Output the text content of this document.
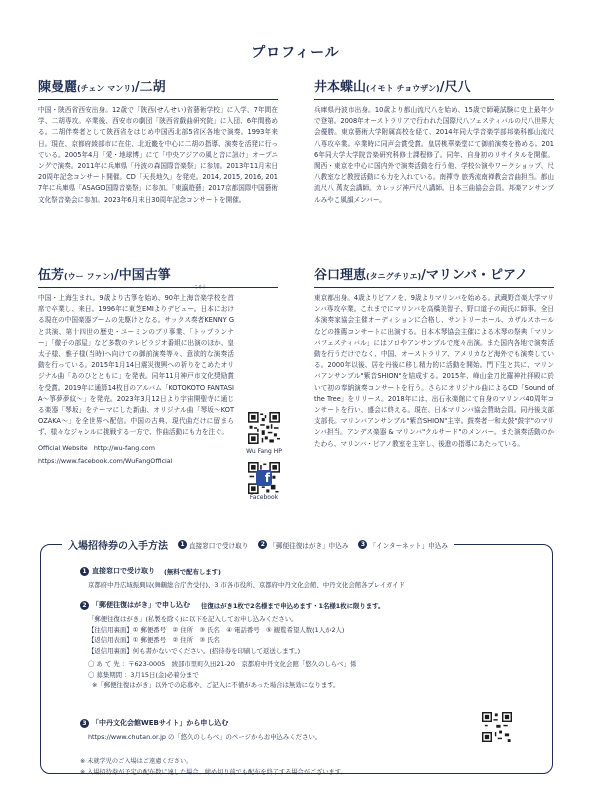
プロフィール
陳曼麗(チェン マンリ)/二胡
中国・陝西省西安出身。12歳で「陝西(せんせい)省藝術学校」に入学、7年間在学、二胡専攻。卒業後、西安市の劇団「陝西省戯曲研究院」に入団、6年間務める。二胡伴奏者として陝西省をはじめ中国西北部5省区各地で演奏。1993年来日。現在、京都府綾部市に在住、北近畿を中心に二胡の指導、演奏を活発に行っている。2005年4月「愛・地球博」にて「中央アジアの風と音に訊け」オープニングで演奏。2011年に兵庫県「丹波の森国際音楽祭」に参加。2013年11月末日20周年記念コンサート開催。CD「天長地久」を発売。2014, 2015, 2016, 2017年に兵庫県「ASAGO国際音楽祭」に参加。「東瀛遊藝」2017京都国際中国藝術文化祭音楽会に参加。2023年6月末日30周年記念コンサートを開催。
井本蝶山(イモト チョウザン)/尺八
兵庫県丹波市出身。10歳より都山流尺八を始め、15歳で師範試験に史上最年少で登第。2008年オーストラリアで行われた国際尺八フェスティバルの尺八世界大会優勝。東京藝術大学附属高校を経て、2014年同大学音楽学部邦楽科都山流尺八専攻卒業。卒業時に同声会賞受賞。皇居桃華楽堂にて御前演奏を務める。2016年同大学大学院音楽研究科修士課程修了。同年、自身初のリサイタルを開催。関西・東京を中心に国内外で演奏活動を行う他、学校公演やワークショップ、尺八教室など教授活動にも力を入れている。南禪寺 旅秀流南禅教会音曲担当。都山流尺八 萬友会講師。カレッジ神戸尺八講師。日本三曲協会会員。邦楽アンサンブルみやこ風韻メンバー。
伍芳(ウー ファン)/中国古箏
こそう
中国・上海生まれ。9歳より古箏を始め、90年上海音楽学校を首席で卒業し、来日。1996年に東芝EMIよりデビュー。日本における現在の中国楽器ブームの先駆けとなる。サックス奏者KENNY Gと共演、第十四世の歴史・ユーミンのブリ事業、「トップランナー」「徹子の部屋」など多数のテレビラジオ番組に出演のほか、皇太子様、雅子様(当時)へ向けての御前演奏等々、意欲的な演奏活動を行っている。2015年1月14日震災復興への祈りをこめたオリジナル曲「あのひとともに」を発表。同年11月神戸市文化奨励賞を受賞。2019年に通算14枚目のアルバム「KOTOKOTO FANTASIA〜箏夢夢紋〜」を発売。2023年3月12日より宇宙開聖寺に通じる楽器「琴坂」をテーマにした新曲、オリジナル曲「琴坂〜KOTOZAKA〜」を全世界へ配信。中国の古典、現代曲だけに留まらず、様々なジャンルに挑戦する一方で、作曲活動にも力を注ぐ。
Official Website http://wu-fang.com
https://www.facebook.com/WuFangOfficial
Wu Fang HP
f
Facebook
谷口理恵(タニグチリエ)/マリンバ・ピアノ
東京都出身。4歳よりピアノを、9歳よりマリンバを始める。武蔵野音楽大学マリンバ専攻卒業。これまでにマリンバを高橋美智子、野口道子の両氏に師事。全日本演奏家協会主催オーディションに合格し、サントリーホール、カザルスホールなどの推薦コンサートに出演する。日本木琴協会主催による木琴の祭典「マリンバフェスティバル」にはソロやアンサンブルで度々出演。また国内各地で演奏活動を行うだけでなく、中国、オーストラリア、アメリカなど海外でも演奏している。2000年以後、居を丹後に移し精力的に活動を開始。門下生と共に、マリンバアンサンブル"紫音SHION"を結成する。2015年、峰山金刀比羅神社拝殿に於いて初の奉納演奏コンサートを行う。さらにオリジナル曲によるCD「Sound of the Tree」をリリース。2018年には、出石永楽館にて自身のマリンバ40周年コンサートを行い、盛会に終える。現在、日本マリンバ協会賛助会員。同丹後支部支部長。マリンバアンサンブル"紫音SHION"主宰。鼓奏者一和太鼓"鼓宇"のマリンバ担当。アンデス楽器 & マリンバ"クルサード"のメンバー。また演奏活動のかたわら、マリンバ・ピアノ教室を主宰し、後進の指導にあたっている。
入場招待券の入手方法	1 直接窓口で受け取り	2 「郵便往復はがき」申込み	3 「インターネット」申込み
1 直接窓口で受け取り (無料で配布します)
京都府中丹広域振興局(舞鶴総合庁舎受付)、3 市各市役所、京都府中丹文化会館、中丹文化会館各プレイガイド
2 「郵便往復はがき」で申し込む 往復はがき1枚で2名様まで申込めます・1名様1枚に限ります。
「郵便往復はがき」(私製を除く)に以下を記入してお申し込みください。
【往信用裏面】① 郵便番号　② 住所　③ 氏名　④ 電話番号　⑤ 観覧希望人数(1人か2人)
【返信用表面】① 郵便番号　② 住所　③ 氏名
【返信用裏面】何も書かないでください。(招待券を印刷して返送します。)
〇 あ て 先 ：〒623-0005　綾部市里町久田21-20　京都府中丹文化会館「悠久のしらべ」係
〇 募集期間 ：3月15日(金)必着分まで
※「郵便往復はがき」以外での応募や、ご記入に不備があった場合は無効になります。
3 「中丹文化会館WEBサイト」から申し込む
https://www.chutan.or.jp の「悠久のしらべ」のページからお申込みください。
※ 未就学児のご入場はご遠慮ください。
※ 入場招待券が予定の配布数に達した場合、締め切り前でも配布を終了する場合がございます。
